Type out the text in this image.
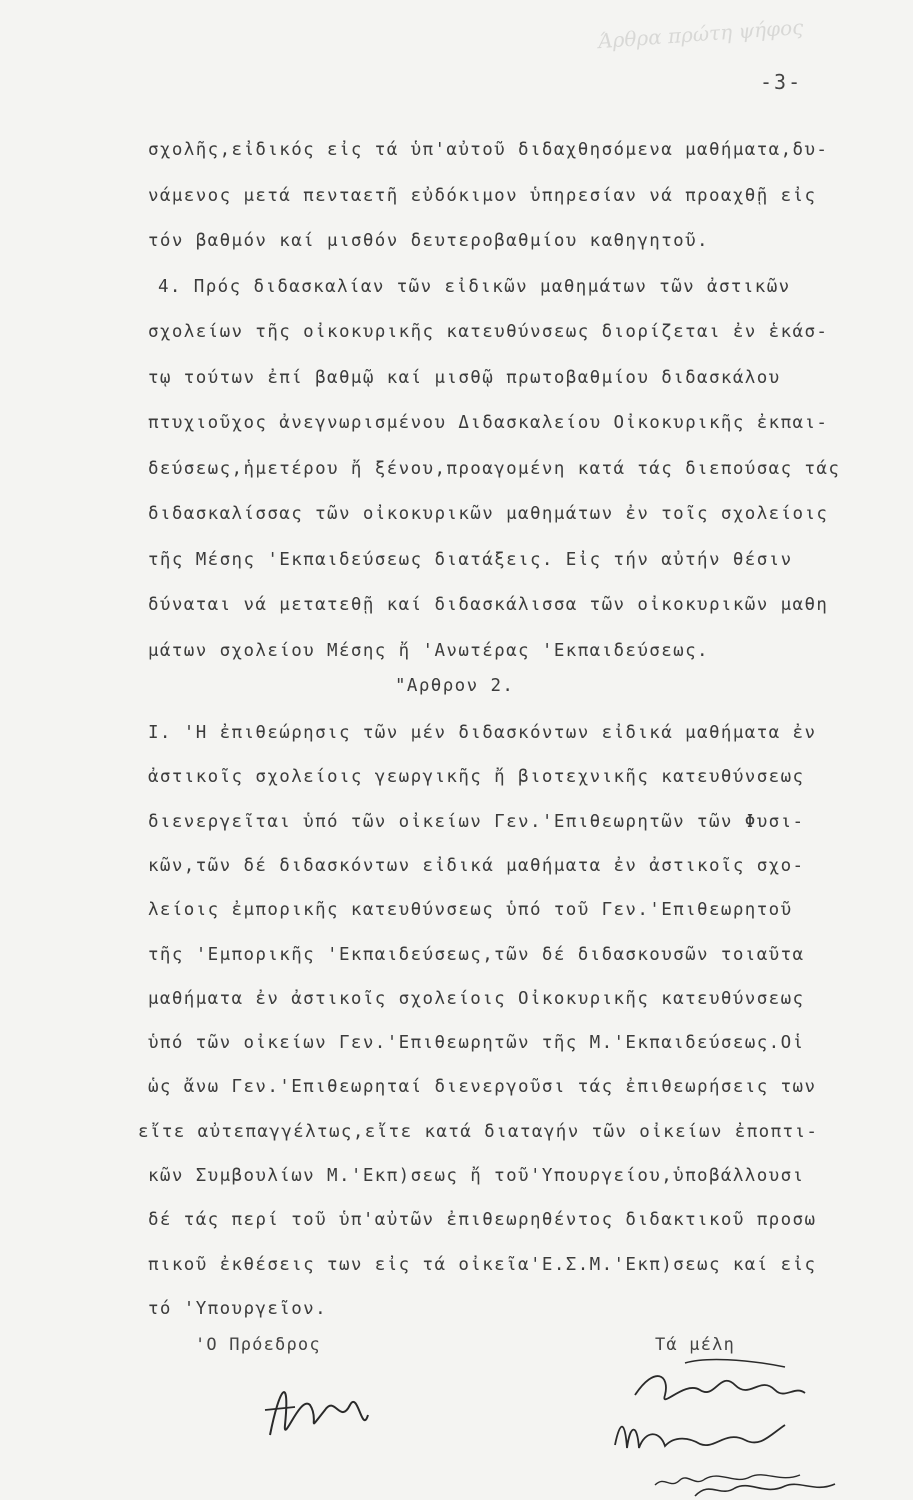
Άρθρα πρώτη ψήφος
-3-
σχολῆς,εἰδικός εἰς τά ὑπ'αὐτοῦ διδαχθησόμενα μαθήματα,δυ-
νάμενος μετά πενταετῆ εὐδόκιμον ὑπηρεσίαν νά προαχθῇ εἰς
τόν βαθμόν καί μισθόν δευτεροβαθμίου καθηγητοῦ.
4. Πρός διδασκαλίαν τῶν εἰδικῶν μαθημάτων τῶν ἀστικῶν
σχολείων τῆς οἰκοκυρικῆς κατευθύνσεως διορίζεται ἐν ἑκάσ-
τῳ τούτων ἐπί βαθμῷ καί μισθῷ πρωτοβαθμίου διδασκάλου
πτυχιοῦχος ἀνεγνωρισμένου Διδασκαλείου Οἰκοκυρικῆς ἐκπαι-
δεύσεως,ἡμετέρου ἤ ξένου,προαγομένη κατά τάς διεπούσας τάς
διδασκαλίσσας τῶν οἰκοκυρικῶν μαθημάτων ἐν τοῖς σχολείοις
τῆς Μέσης 'Εκπαιδεύσεως διατάξεις. Εἰς τήν αὐτήν θέσιν
δύναται νά μετατεθῇ καί διδασκάλισσα τῶν οἰκοκυρικῶν μαθη
μάτων σχολείου Μέσης ἤ 'Ανωτέρας 'Εκπαιδεύσεως.
"Αρθρον 2.
I. 'Η ἐπιθεώρησις τῶν μέν διδασκόντων εἰδικά μαθήματα ἐν
ἀστικοῖς σχολείοις γεωργικῆς ἤ βιοτεχνικῆς κατευθύνσεως
διενεργεῖται ὑπό τῶν οἰκείων Γεν.'Επιθεωρητῶν τῶν Φυσι-
κῶν,τῶν δέ διδασκόντων εἰδικά μαθήματα ἐν ἀστικοῖς σχο-
λείοις ἐμπορικῆς κατευθύνσεως ὑπό τοῦ Γεν.'Επιθεωρητοῦ
τῆς 'Εμπορικῆς 'Εκπαιδεύσεως,τῶν δέ διδασκουσῶν τοιαῦτα
μαθήματα ἐν ἀστικοῖς σχολείοις Οἰκοκυρικῆς κατευθύνσεως
ὑπό τῶν οἰκείων Γεν.'Επιθεωρητῶν τῆς Μ.'Εκπαιδεύσεως.Οἱ
ὡς ἄνω Γεν.'Επιθεωρηταί διενεργοῦσι τάς ἐπιθεωρήσεις των
εἴτε αὐτεπαγγέλτως,εἴτε κατά διαταγήν τῶν οἰκείων ἐποπτι-
κῶν Συμβουλίων Μ.'Εκπ)σεως ἤ τοῦ'Υπουργείου,ὑποβάλλουσι
δέ τάς περί τοῦ ὑπ'αὐτῶν ἐπιθεωρηθέντος διδακτικοῦ προσω
πικοῦ ἐκθέσεις των εἰς τά οἰκεῖα'Ε.Σ.Μ.'Εκπ)σεως καί εἰς
τό 'Υπουργεῖον.
'Ο Πρόεδρος	Τά μέλη
